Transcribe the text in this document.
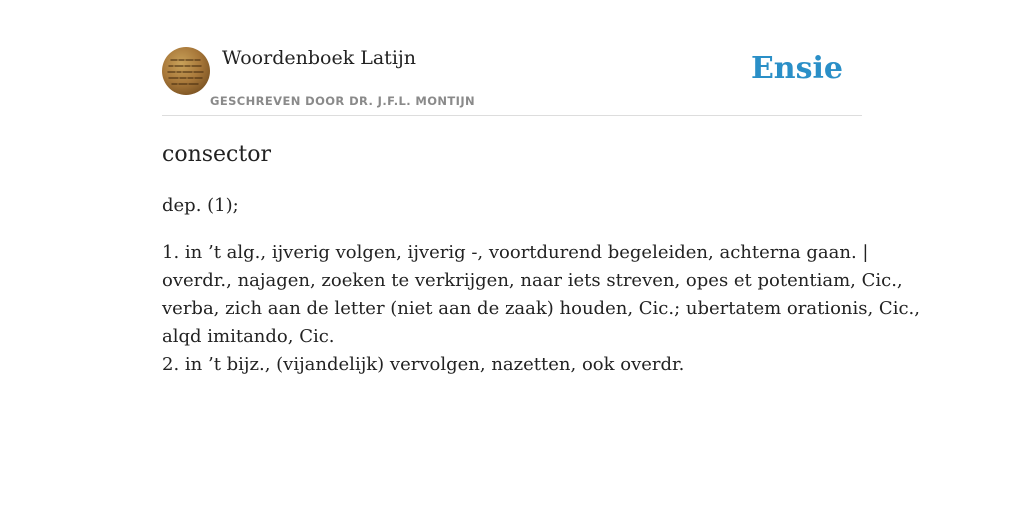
Woordenboek Latijn
GESCHREVEN DOOR DR. J.F.L. MONTIJN
Ensie
consector
dep. (1);

1. in ’t alg., ijverig volgen, ijverig -, voortdurend begeleiden, achterna gaan. |

overdr., najagen, zoeken te verkrijgen, naar iets streven, opes et potentiam, Cic.,

verba, zich aan de letter (niet aan de zaak) houden, Cic.; ubertatem orationis, Cic.,

alqd imitando, Cic.

2. in ’t bijz., (vijandelijk) vervolgen, nazetten, ook overdr.
